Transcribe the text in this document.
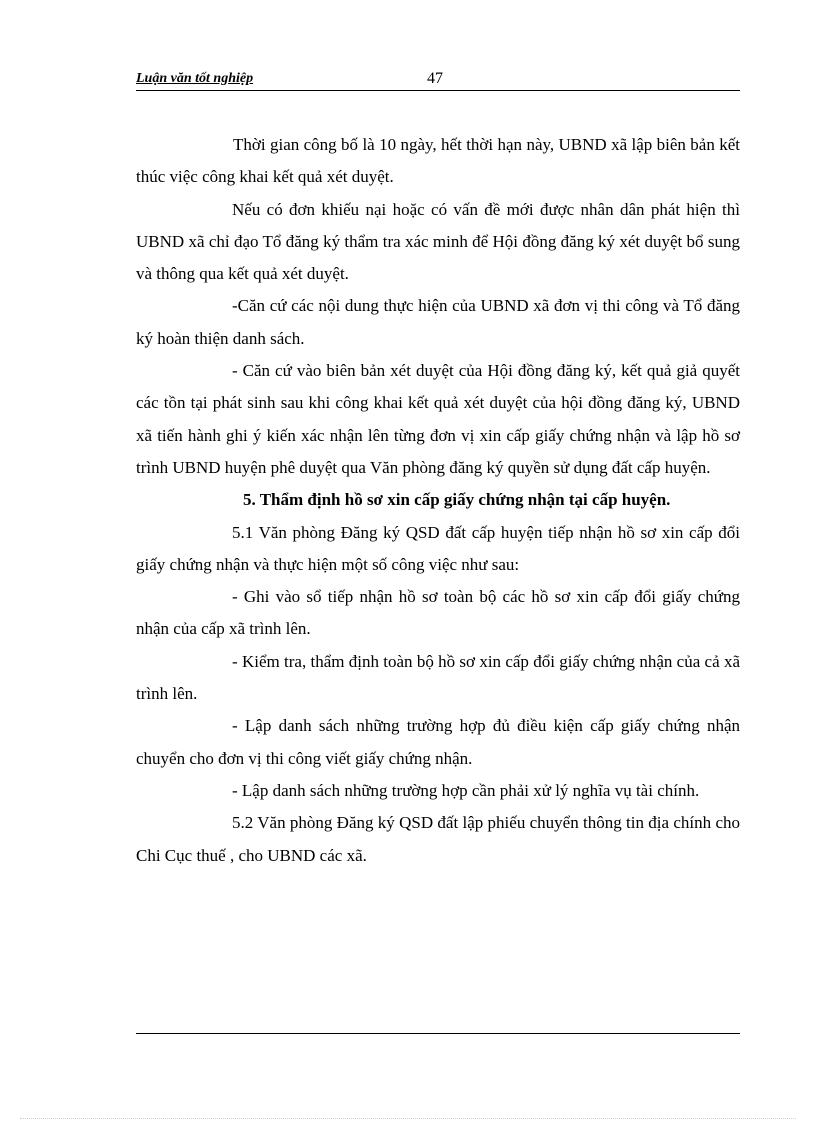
Luận văn tốt nghiệp	47

Thời gian công bố là 10 ngày, hết thời hạn này, UBND xã lập biên bản kết thúc việc công khai kết quả xét duyệt.

Nếu có đơn khiếu nại hoặc có vấn đề mới được nhân dân phát hiện thì UBND xã chỉ đạo Tổ đăng ký thẩm tra xác minh để Hội đồng đăng ký xét duyệt bổ sung và thông qua kết quả xét duyệt.

-Căn cứ các nội dung thực hiện của UBND xã đơn vị thi công và Tổ đăng ký hoàn thiện danh sách.

- Căn cứ vào biên bản xét duyệt của Hội đồng đăng ký, kết quả giả quyết các tồn tại phát sinh sau khi công khai kết quả xét duyệt của hội đồng đăng ký, UBND xã tiến hành ghi ý kiến xác nhận lên từng đơn vị xin cấp giấy chứng nhận và lập hồ sơ trình UBND huyện phê duyệt qua Văn phòng đăng ký quyền sử dụng đất cấp huyện.

5. Thẩm định hồ sơ xin cấp giấy chứng nhận tại cấp huyện.

5.1 Văn phòng Đăng ký QSD đất cấp huyện tiếp nhận hồ sơ xin cấp đổi giấy chứng nhận và thực hiện một số công việc như sau:

- Ghi vào sổ tiếp nhận hồ sơ toàn bộ các hồ sơ xin cấp đổi giấy chứng nhận của cấp xã trình lên.

- Kiểm tra, thẩm định toàn bộ hồ sơ xin cấp đổi giấy chứng nhận của cả xã trình lên.

- Lập danh sách những trường hợp đủ điều kiện cấp giấy chứng nhận chuyển cho đơn vị thi công viết giấy chứng nhận.

- Lập danh sách những trường hợp cần phải xử lý nghĩa vụ tài chính.

5.2 Văn phòng Đăng ký QSD đất lập phiếu chuyển thông tin địa chính cho Chi Cục thuế , cho UBND các xã.
